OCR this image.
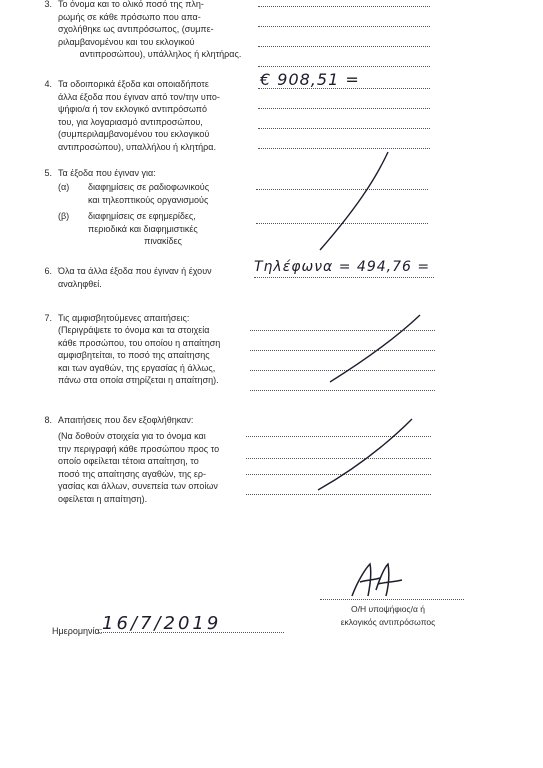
3. Το όνομα και το ολικό ποσό της πλη-

ρωμής σε κάθε πρόσωπο που απα-

σχολήθηκε ως αντιπρόσωπος, (συμπε-

ριλαμβανομένου και του εκλογικού

αντιπροσώπου), υπάλληλος ή κλητήρας.

4. Τα οδοιπορικά έξοδα και οποιαδήποτε

άλλα έξοδα που έγιναν από τον/την υπο-

ψήφιο/α ή τον εκλογικό αντιπρόσωπό

του, για λογαριασμό αντιπροσώπου,

(συμπεριλαμβανομένου του εκλογικού

αντιπροσώπου), υπαλλήλου ή κλητήρα.

€ 908,51 =
5. Τα έξοδα που έγιναν για:
(α)	διαφημίσεις σε ραδιοφωνικούς
και τηλεοπτικούς οργανισμούς
(β)	διαφημίσεις σε εφημερίδες,
περιοδικά και διαφημιστικές
πινακίδες
6. Όλα τα άλλα έξοδα που έγιναν ή έχουν

αναληφθεί.

Τηλέφωνα = 494,76 =
7. Τις αμφισβητούμενες απαιτήσεις:

(Περιγράψετε το όνομα και τα στοιχεία

κάθε προσώπου, του οποίου η απαίτηση

αμφισβητείται, το ποσό της απαίτησης

και των αγαθών, της εργασίας ή άλλως,

πάνω στα οποία στηρίζεται η απαίτηση).

8. Απαιτήσεις που δεν εξοφλήθηκαν:

(Να δοθούν στοιχεία για το όνομα και

την περιγραφή κάθε προσώπου προς το

οποίο οφείλεται τέτοια απαίτηση, το

ποσό της απαίτησης αγαθών, της ερ-

γασίας και άλλων, συνεπεία των οποίων

οφείλεται η απαίτηση).

Ο/Η υποψήφιος/α ή
εκλογικός αντιπρόσωπος
Ημερομηνία: 16/7/2019
